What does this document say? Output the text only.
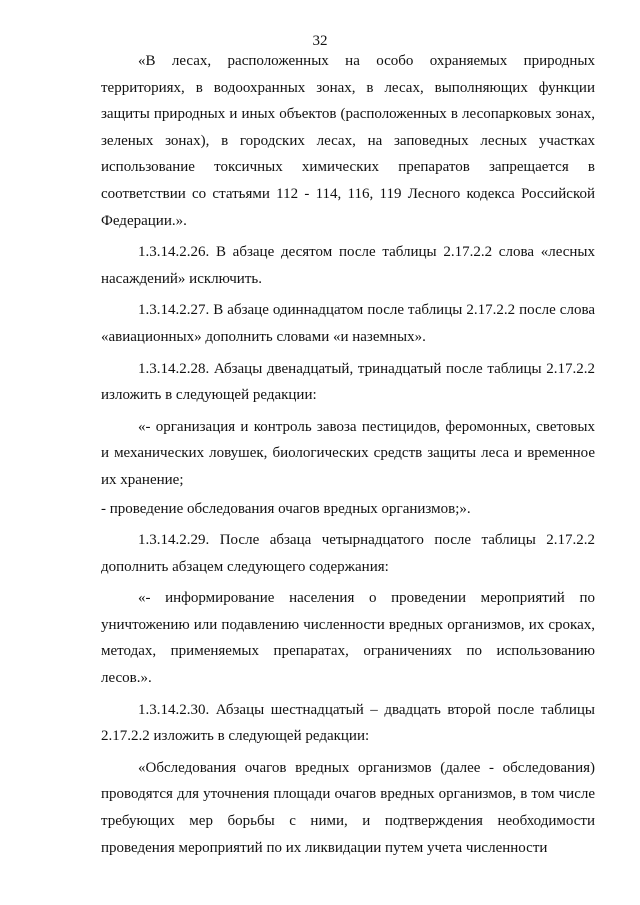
32

«В лесах, расположенных на особо охраняемых природных территориях, в водоохранных зонах, в лесах, выполняющих функции защиты природных и иных объектов (расположенных в лесопарковых зонах, зеленых зонах), в городских лесах, на заповедных лесных участках использование токсичных химических препаратов запрещается в соответствии со статьями 112 - 114, 116, 119 Лесного кодекса Российской Федерации.».

1.3.14.2.26. В абзаце десятом после таблицы 2.17.2.2 слова «лесных насаждений» исключить.

1.3.14.2.27. В абзаце одиннадцатом после таблицы 2.17.2.2 после слова «авиационных» дополнить словами «и наземных».

1.3.14.2.28. Абзацы двенадцатый, тринадцатый после таблицы 2.17.2.2 изложить в следующей редакции:

«- организация и контроль завоза пестицидов, феромонных, световых и механических ловушек, биологических средств защиты леса и временное их хранение;

- проведение обследования очагов вредных организмов;».

1.3.14.2.29. После абзаца четырнадцатого после таблицы 2.17.2.2 дополнить абзацем следующего содержания:

«- информирование населения о проведении мероприятий по уничтожению или подавлению численности вредных организмов, их сроках, методах, применяемых препаратах, ограничениях по использованию лесов.».

1.3.14.2.30. Абзацы шестнадцатый – двадцать второй после таблицы 2.17.2.2 изложить в следующей редакции:

«Обследования очагов вредных организмов (далее - обследования) проводятся для уточнения площади очагов вредных организмов, в том числе требующих мер борьбы с ними, и подтверждения необходимости проведения мероприятий по их ликвидации путем учета численности
